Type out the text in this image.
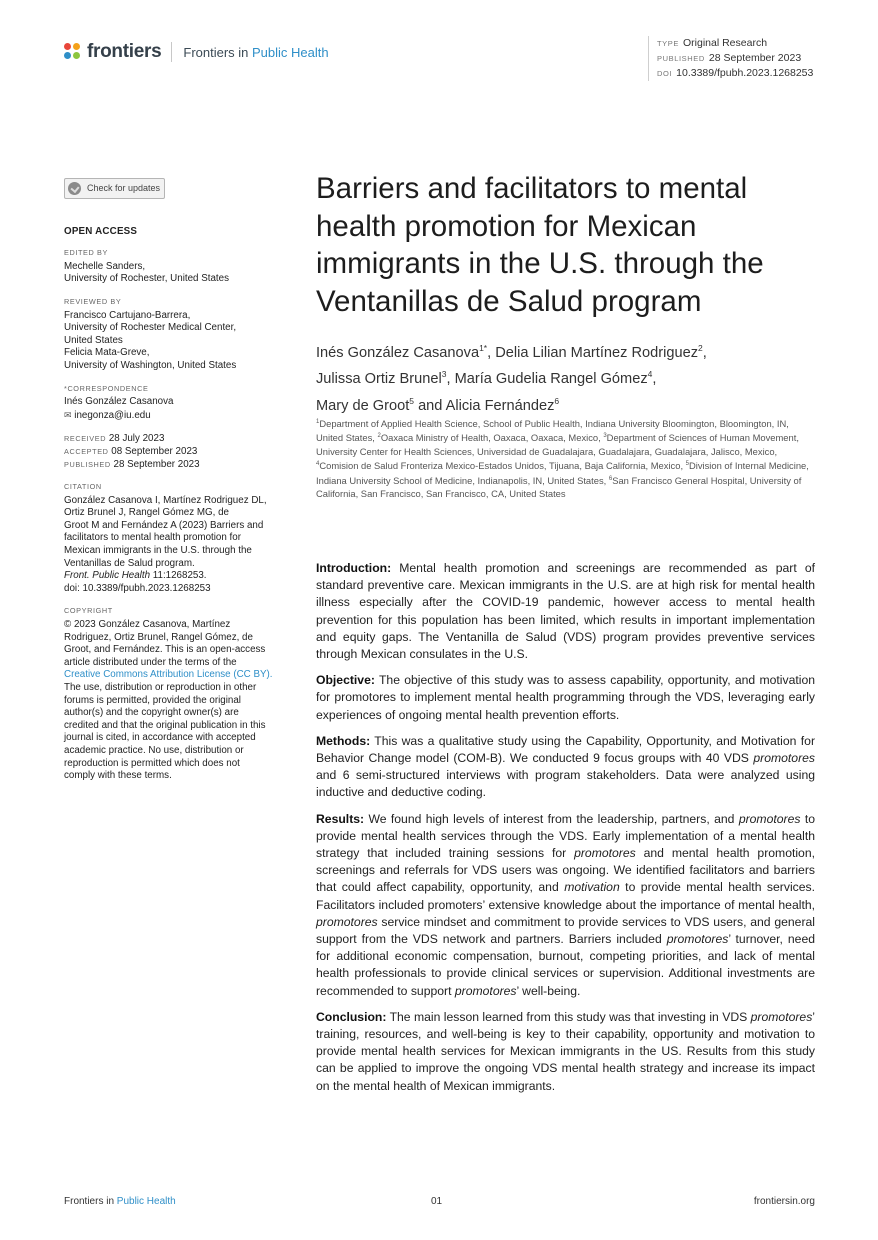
frontiers Frontiers in Public Health
TYPE Original Research
PUBLISHED 28 September 2023
DOI 10.3389/fpubh.2023.1268253
Check for updates
OPEN ACCESS
EDITED BY
Mechelle Sanders,
University of Rochester, United States
REVIEWED BY
Francisco Cartujano-Barrera,
University of Rochester Medical Center,
United States
Felicia Mata-Greve,
University of Washington, United States
*CORRESPONDENCE
Inés González Casanova
✉ inegonza@iu.edu
RECEIVED 28 July 2023
ACCEPTED 08 September 2023
PUBLISHED 28 September 2023
CITATION
González Casanova I, Martínez Rodriguez DL,
Ortiz Brunel J, Rangel Gómez MG, de
Groot M and Fernández A (2023) Barriers and
facilitators to mental health promotion for
Mexican immigrants in the U.S. through the
Ventanillas de Salud program.
Front. Public Health 11:1268253.
doi: 10.3389/fpubh.2023.1268253
COPYRIGHT
© 2023 González Casanova, Martínez
Rodriguez, Ortiz Brunel, Rangel Gómez, de
Groot, and Fernández. This is an open-access
article distributed under the terms of the
Creative Commons Attribution License (CC BY).
The use, distribution or reproduction in other
forums is permitted, provided the original
author(s) and the copyright owner(s) are
credited and that the original publication in this
journal is cited, in accordance with accepted
academic practice. No use, distribution or
reproduction is permitted which does not
comply with these terms.
Barriers and facilitators to mental
health promotion for Mexican
immigrants in the U.S. through the
Ventanillas de Salud program
Inés González Casanova$^{1*}$, Delia Lilian Martínez Rodriguez$^2$,
Julissa Ortiz Brunel$^3$, María Gudelia Rangel Gómez$^4$,
Mary de Groot$^5$ and Alicia Fernández$^6$
$^1$Department of Applied Health Science, School of Public Health, Indiana University Bloomington, Bloomington, IN, United States, $^2$Oaxaca Ministry of Health, Oaxaca, Oaxaca, Mexico, $^3$Department of Sciences of Human Movement, University Center for Health Sciences, Universidad de Guadalajara, Guadalajara, Guadalajara, Jalisco, Mexico, $^4$Comision de Salud Fronteriza Mexico-Estados Unidos, Tijuana, Baja California, Mexico, $^5$Division of Internal Medicine, Indiana University School of Medicine, Indianapolis, IN, United States, $^6$San Francisco General Hospital, University of California, San Francisco, San Francisco, CA, United States

Introduction: Mental health promotion and screenings are recommended as part of standard preventive care. Mexican immigrants in the U.S. are at high risk for mental health illness especially after the COVID-19 pandemic, however access to mental health prevention for this population has been limited, which results in important implementation and equity gaps. The Ventanilla de Salud (VDS) program provides preventive services through Mexican consulates in the U.S.

Objective: The objective of this study was to assess capability, opportunity, and motivation for promotores to implement mental health programming through the VDS, leveraging early experiences of ongoing mental health prevention efforts.

Methods: This was a qualitative study using the Capability, Opportunity, and Motivation for Behavior Change model (COM-B). We conducted 9 focus groups with 40 VDS promotores and 6 semi-structured interviews with program stakeholders. Data were analyzed using inductive and deductive coding.

Results: We found high levels of interest from the leadership, partners, and promotores to provide mental health services through the VDS. Early implementation of a mental health strategy that included training sessions for promotores and mental health promotion, screenings and referrals for VDS users was ongoing. We identified facilitators and barriers that could affect capability, opportunity, and motivation to provide mental health services. Facilitators included promoters’ extensive knowledge about the importance of mental health, promotores service mindset and commitment to provide services to VDS users, and general support from the VDS network and partners. Barriers included promotores’ turnover, need for additional economic compensation, burnout, competing priorities, and lack of mental health professionals to provide clinical services or supervision. Additional investments are recommended to support promotores’ well-being.

Conclusion: The main lesson learned from this study was that investing in VDS promotores’ training, resources, and well-being is key to their capability, opportunity and motivation to provide mental health services for Mexican immigrants in the US. Results from this study can be applied to improve the ongoing VDS mental health strategy and increase its impact on the mental health of Mexican immigrants.

Frontiers in Public Health	01	frontiersin.org
